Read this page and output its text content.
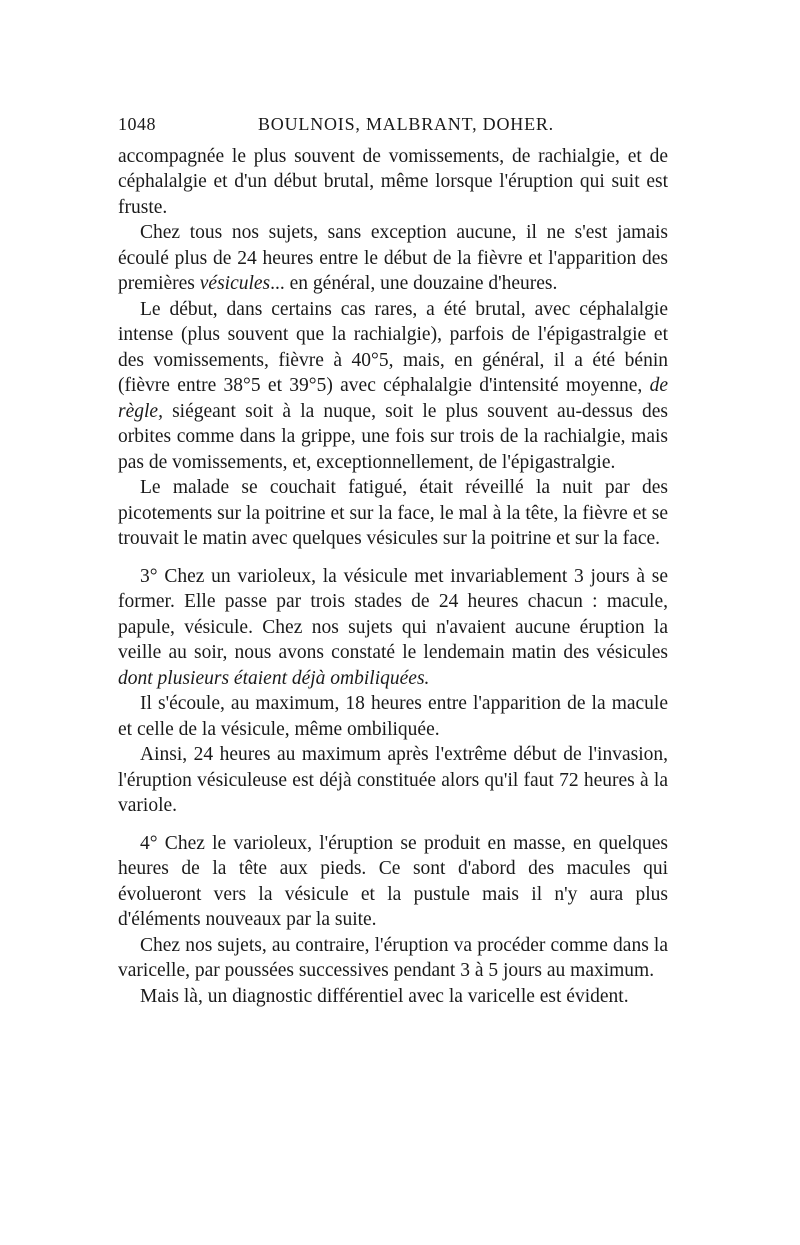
1048	BOULNOIS, MALBRANT, DOHER.

accompagnée le plus souvent de vomissements, de rachialgie, et de céphalalgie et d'un début brutal, même lorsque l'éruption qui suit est fruste.

Chez tous nos sujets, sans exception aucune, il ne s'est jamais écoulé plus de 24 heures entre le début de la fièvre et l'apparition des premières vésicules... en général, une douzaine d'heures.

Le début, dans certains cas rares, a été brutal, avec céphalalgie intense (plus souvent que la rachialgie), parfois de l'épigastralgie et des vomissements, fièvre à 40°5, mais, en général, il a été bénin (fièvre entre 38°5 et 39°5) avec céphalalgie d'intensité moyenne, de règle, siégeant soit à la nuque, soit le plus souvent au-dessus des orbites comme dans la grippe, une fois sur trois de la rachialgie, mais pas de vomissements, et, exceptionnellement, de l'épigastralgie.

Le malade se couchait fatigué, était réveillé la nuit par des picotements sur la poitrine et sur la face, le mal à la tête, la fièvre et se trouvait le matin avec quelques vésicules sur la poitrine et sur la face.

3° Chez un varioleux, la vésicule met invariablement 3 jours à se former. Elle passe par trois stades de 24 heures chacun : macule, papule, vésicule. Chez nos sujets qui n'avaient aucune éruption la veille au soir, nous avons constaté le lendemain matin des vésicules dont plusieurs étaient déjà ombiliquées.

Il s'écoule, au maximum, 18 heures entre l'apparition de la macule et celle de la vésicule, même ombiliquée.

Ainsi, 24 heures au maximum après l'extrême début de l'invasion, l'éruption vésiculeuse est déjà constituée alors qu'il faut 72 heures à la variole.

4° Chez le varioleux, l'éruption se produit en masse, en quelques heures de la tête aux pieds. Ce sont d'abord des macules qui évolueront vers la vésicule et la pustule mais il n'y aura plus d'éléments nouveaux par la suite.

Chez nos sujets, au contraire, l'éruption va procéder comme dans la varicelle, par poussées successives pendant 3 à 5 jours au maximum.

Mais là, un diagnostic différentiel avec la varicelle est évident.
